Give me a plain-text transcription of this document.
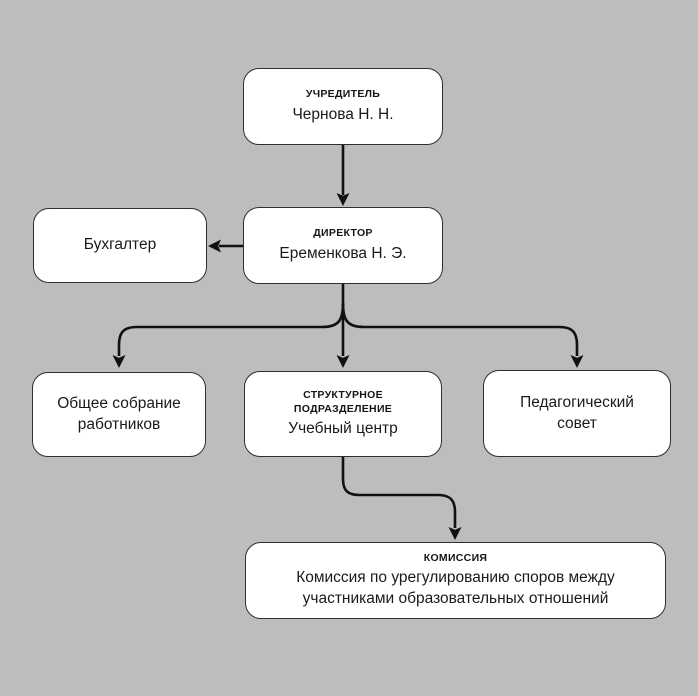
УЧРЕДИТЕЛЬ
Чернова Н. Н.
ДИРЕКТОР
Еременкова Н. Э.
Бухгалтер
Общее собрание работников
СТРУКТУРНОЕ ПОДРАЗДЕЛЕНИЕ
Учебный центр
Педагогический совет
КОМИССИЯ
Комиссия по урегулированию споров между участниками образовательных отношений
